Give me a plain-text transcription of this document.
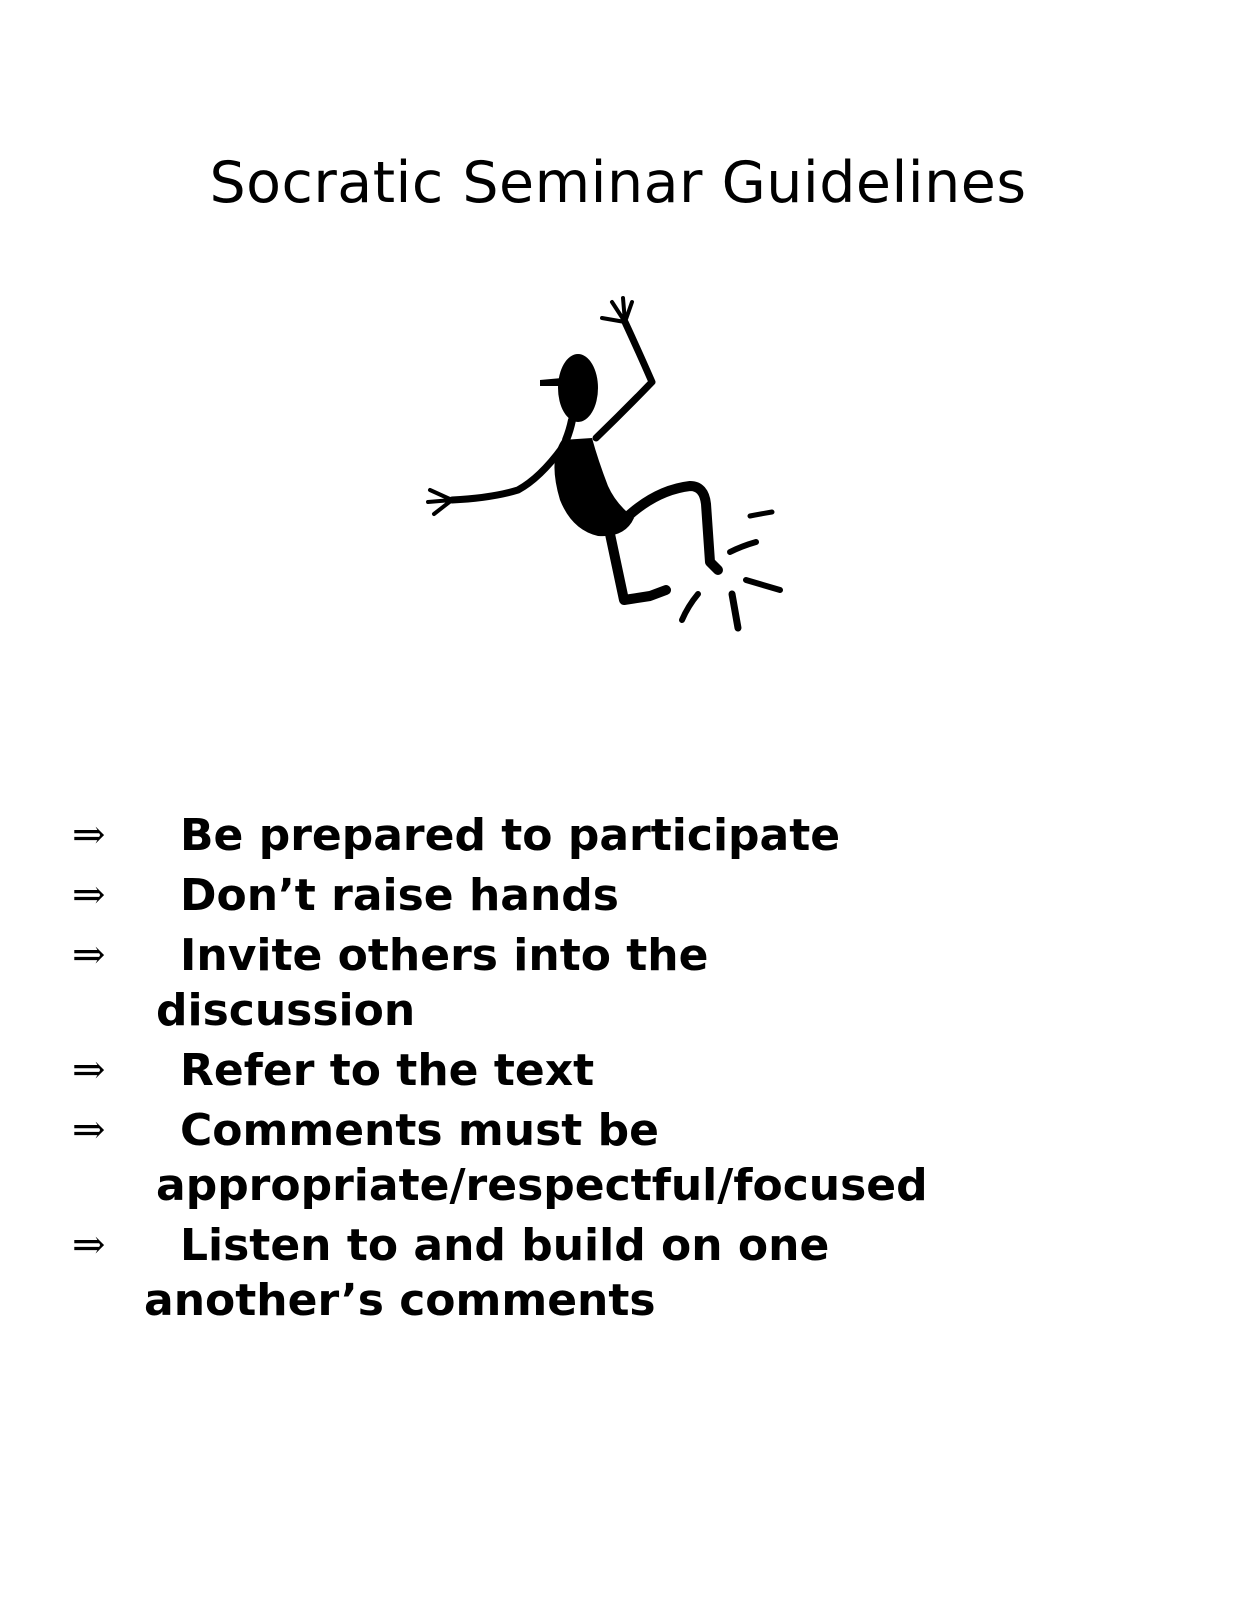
Socratic Seminar Guidelines
⇒ Be prepared to participate
⇒ Don’t raise hands
⇒ Invite others into the
discussion
⇒ Refer to the text
⇒ Comments must be
appropriate/respectful/focused
⇒ Listen to and build on one
another’s comments
